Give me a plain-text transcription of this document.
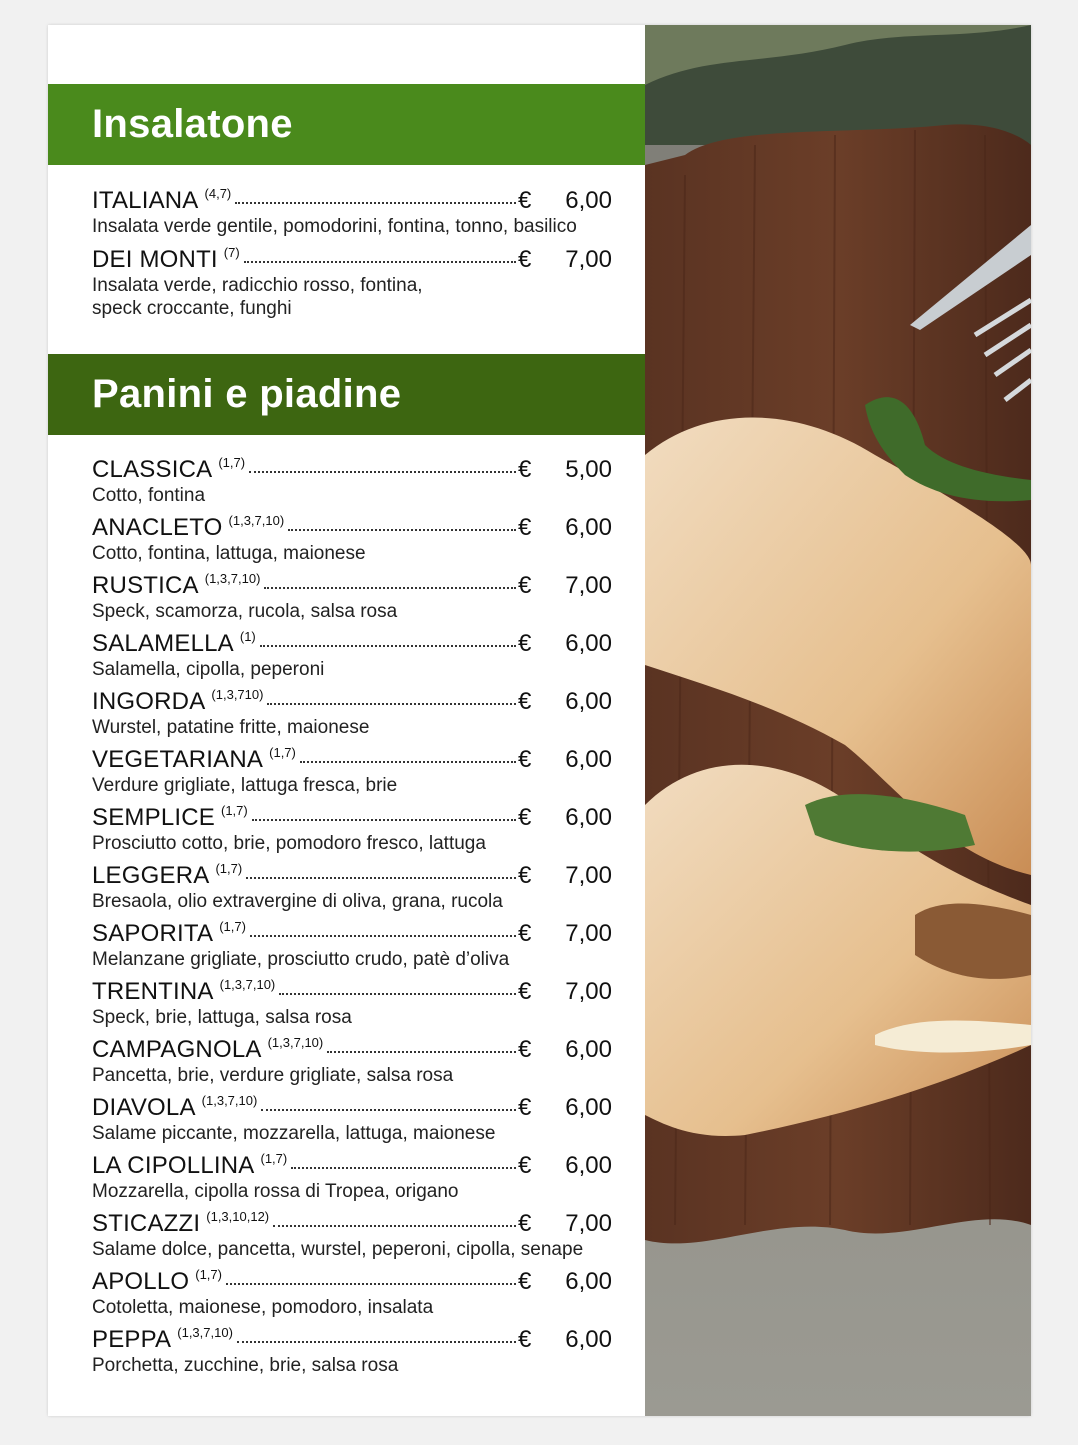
Insalatone
ITALIANA (4,7)	€	6,00
Insalata verde gentile, pomodorini, fontina, tonno, basilico
DEI MONTI (7)	€	7,00
Insalata verde, radicchio rosso, fontina,
speck croccante, funghi
Panini e piadine
CLASSICA (1,7)	€	5,00
Cotto, fontina
ANACLETO (1,3,7,10)	€	6,00
Cotto, fontina, lattuga, maionese
RUSTICA (1,3,7,10)	€	7,00
Speck, scamorza, rucola, salsa rosa
SALAMELLA (1)	€	6,00
Salamella, cipolla, peperoni
INGORDA (1,3,710)	€	6,00
Wurstel, patatine fritte, maionese
VEGETARIANA (1,7)	€	6,00
Verdure grigliate, lattuga fresca, brie
SEMPLICE (1,7)	€	6,00
Prosciutto cotto, brie, pomodoro fresco, lattuga
LEGGERA (1,7)	€	7,00
Bresaola, olio extravergine di oliva, grana, rucola
SAPORITA (1,7)	€	7,00
Melanzane grigliate, prosciutto crudo, patè d’oliva
TRENTINA (1,3,7,10)	€	7,00
Speck, brie, lattuga, salsa rosa
CAMPAGNOLA (1,3,7,10)	€	6,00
Pancetta, brie, verdure grigliate, salsa rosa
DIAVOLA (1,3,7,10)	€	6,00
Salame piccante, mozzarella, lattuga, maionese
LA CIPOLLINA (1,7)	€	6,00
Mozzarella, cipolla rossa di Tropea, origano
STICAZZI (1,3,10,12)	€	7,00
Salame dolce, pancetta, wurstel, peperoni, cipolla, senape
APOLLO (1,7)	€	6,00
Cotoletta, maionese, pomodoro, insalata
PEPPA (1,3,7,10)	€	6,00
Porchetta, zucchine, brie, salsa rosa
